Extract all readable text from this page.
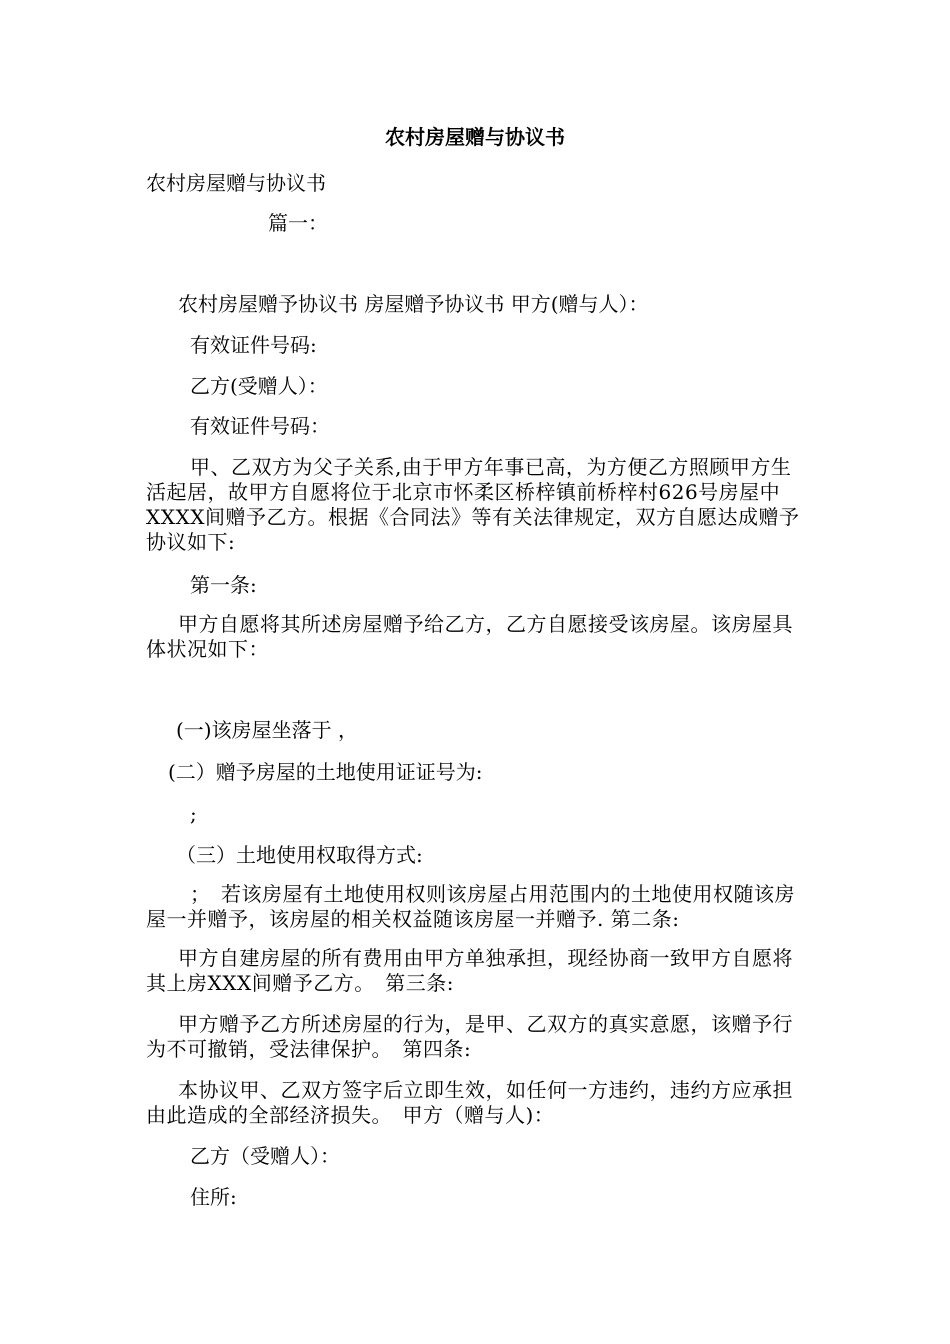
农村房屋赠与协议书
农村房屋赠与协议书
篇一：
农村房屋赠予协议书 房屋赠予协议书 甲方(赠与人）：
有效证件号码:
乙方(受赠人）：
有效证件号码：
甲、乙双方为父子关系,由于甲方年事已高，为方便乙方照顾甲方生活起居，故甲方自愿将位于北京市怀柔区桥梓镇前桥梓村626号房屋中XXXX间赠予乙方。根据《合同法》等有关法律规定，双方自愿达成赠予协议如下:
第一条:
甲方自愿将其所述房屋赠予给乙方，乙方自愿接受该房屋。该房屋具体状况如下：
(一)该房屋坐落于 ，
(二）赠予房屋的土地使用证证号为:
;
（三）土地使用权取得方式:
；　若该房屋有土地使用权则该房屋占用范围内的土地使用权随该房屋一并赠予，该房屋的相关权益随该房屋一并赠予. 第二条:
甲方自建房屋的所有费用由甲方单独承担，现经协商一致甲方自愿将其上房XXX间赠予乙方。　第三条:
甲方赠予乙方所述房屋的行为，是甲、乙双方的真实意愿，该赠予行为不可撤销，受法律保护。　第四条:
本协议甲、乙双方签字后立即生效，如任何一方违约，违约方应承担由此造成的全部经济损失。　甲方（赠与人)：
乙方（受赠人）：
住所:
